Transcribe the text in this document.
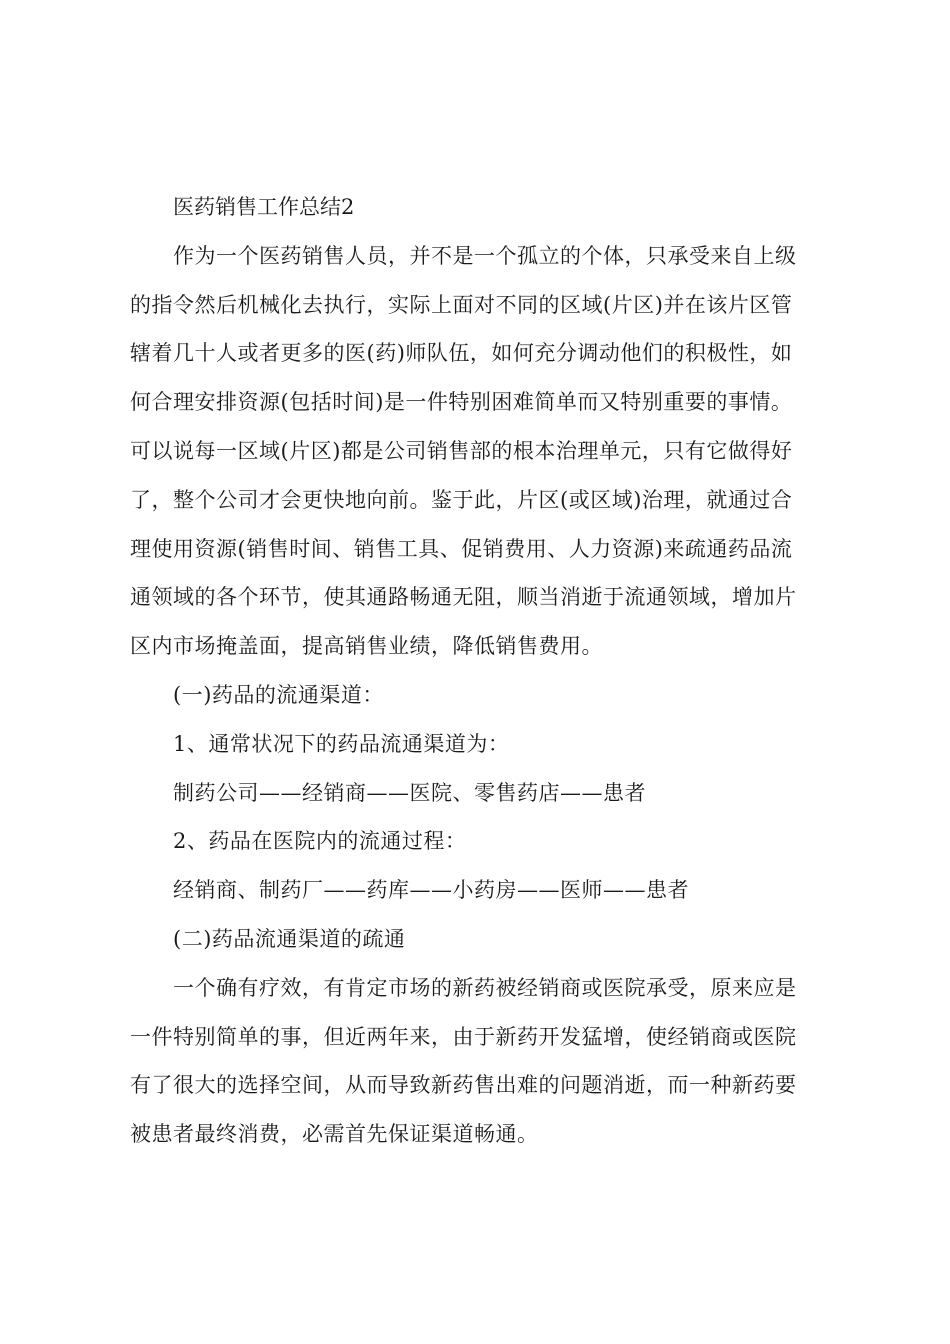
医药销售工作总结2
作为一个医药销售人员，并不是一个孤立的个体，只承受来自上级
的指令然后机械化去执行，实际上面对不同的区域(片区)并在该片区管
辖着几十人或者更多的医(药)师队伍，如何充分调动他们的积极性，如
何合理安排资源(包括时间)是一件特别困难简单而又特别重要的事情。
可以说每一区域(片区)都是公司销售部的根本治理单元，只有它做得好
了，整个公司才会更快地向前。鉴于此，片区(或区域)治理，就通过合
理使用资源(销售时间、销售工具、促销费用、人力资源)来疏通药品流
通领域的各个环节，使其通路畅通无阻，顺当消逝于流通领域，增加片
区内市场掩盖面，提高销售业绩，降低销售费用。
(一)药品的流通渠道：
1、通常状况下的药品流通渠道为：
制药公司——经销商——医院、零售药店——患者
2、药品在医院内的流通过程：
经销商、制药厂——药库——小药房——医师——患者
(二)药品流通渠道的疏通
一个确有疗效，有肯定市场的新药被经销商或医院承受，原来应是
一件特别简单的事，但近两年来，由于新药开发猛增，使经销商或医院
有了很大的选择空间，从而导致新药售出难的问题消逝，而一种新药要
被患者最终消费，必需首先保证渠道畅通。
